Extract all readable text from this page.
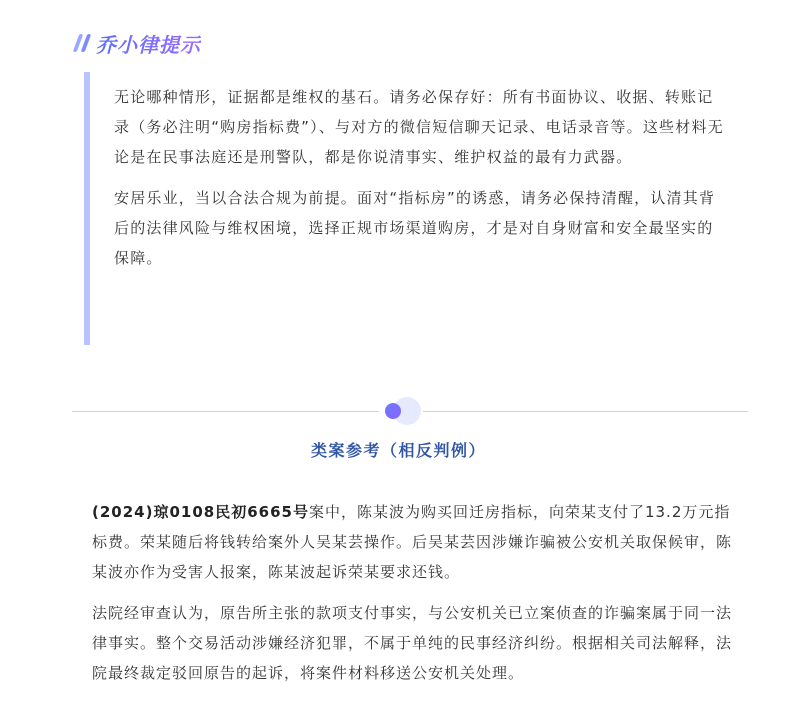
乔小律提示

无论哪种情形，证据都是维权的基石。请务必保存好：所有书面协议、收据、转账记录（务必注明“购房指标费”）、与对方的微信短信聊天记录、电话录音等。这些材料无论是在民事法庭还是刑警队，都是你说清事实、维护权益的最有力武器。

安居乐业，当以合法合规为前提。面对“指标房”的诱惑，请务必保持清醒，认清其背后的法律风险与维权困境，选择正规市场渠道购房，才是对自身财富和安全最坚实的保障。

类案参考（相反判例）

(2024)琼0108民初6665号案中，陈某波为购买回迁房指标，向荣某支付了13.2万元指标费。荣某随后将钱转给案外人吴某芸操作。后吴某芸因涉嫌诈骗被公安机关取保候审，陈某波亦作为受害人报案，陈某波起诉荣某要求还钱。

法院经审查认为，原告所主张的款项支付事实，与公安机关已立案侦查的诈骗案属于同一法律事实。整个交易活动涉嫌经济犯罪，不属于单纯的民事经济纠纷。根据相关司法解释，法院最终裁定驳回原告的起诉，将案件材料移送公安机关处理。
